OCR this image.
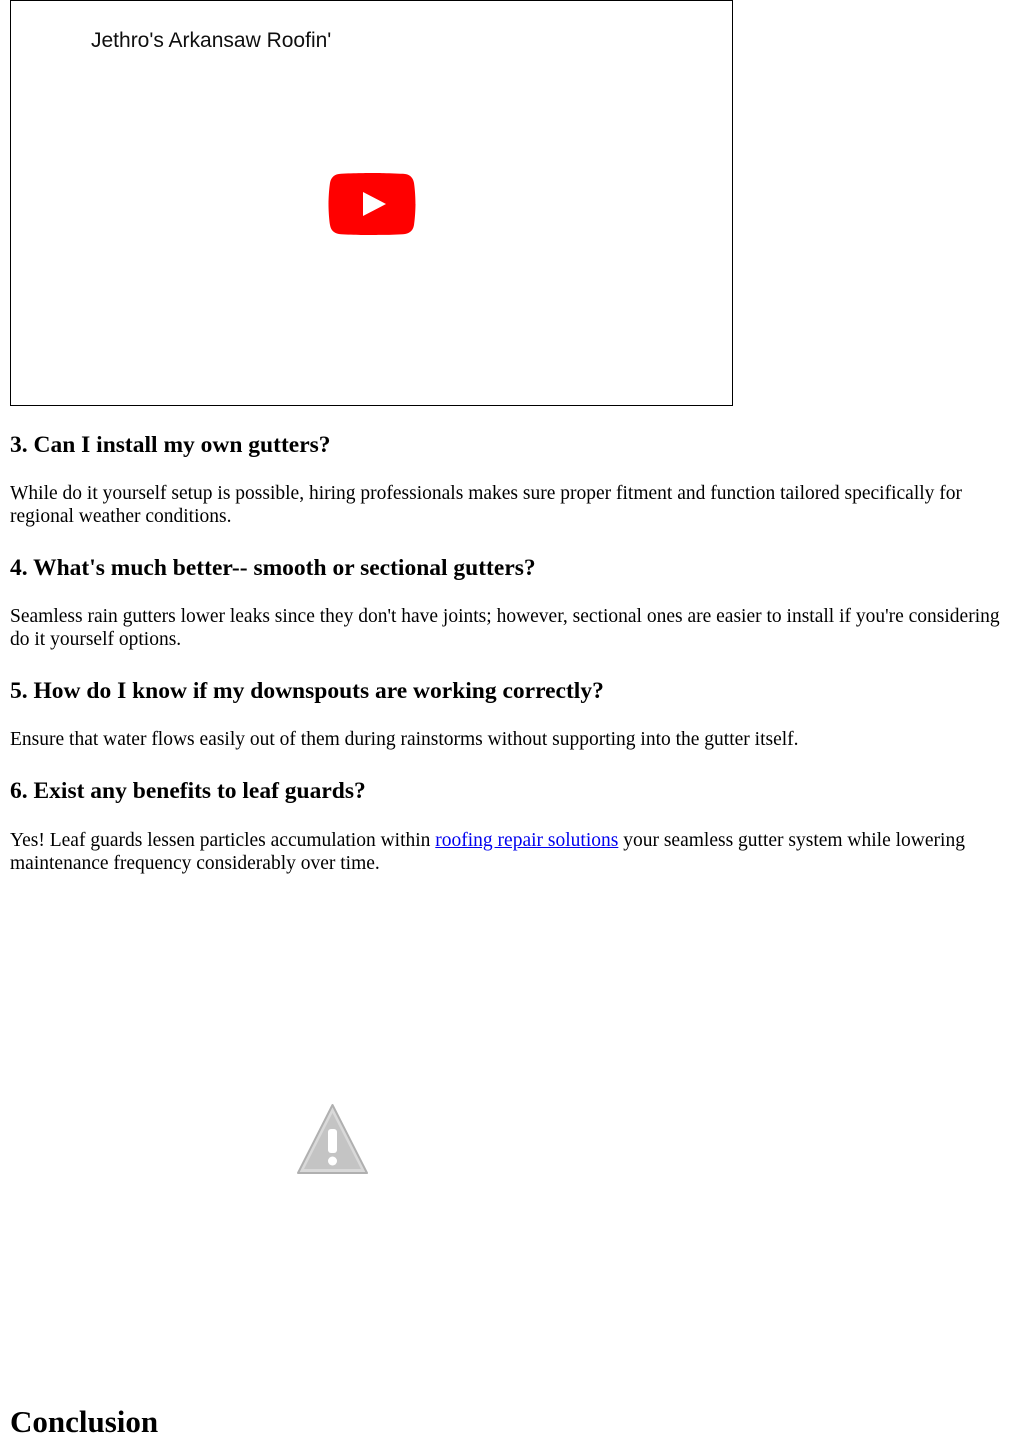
Jethro's Arkansaw Roofin'
3. Can I install my own gutters?

While do it yourself setup is possible, hiring professionals makes sure proper fitment and function tailored specifically for regional weather conditions.

4. What's much better-- smooth or sectional gutters?

Seamless rain gutters lower leaks since they don't have joints; however, sectional ones are easier to install if you're considering do it yourself options.

5. How do I know if my downspouts are working correctly?

Ensure that water flows easily out of them during rainstorms without supporting into the gutter itself.

6. Exist any benefits to leaf guards?

Yes! Leaf guards lessen particles accumulation within roofing repair solutions your seamless gutter system while lowering maintenance frequency considerably over time.

Conclusion
